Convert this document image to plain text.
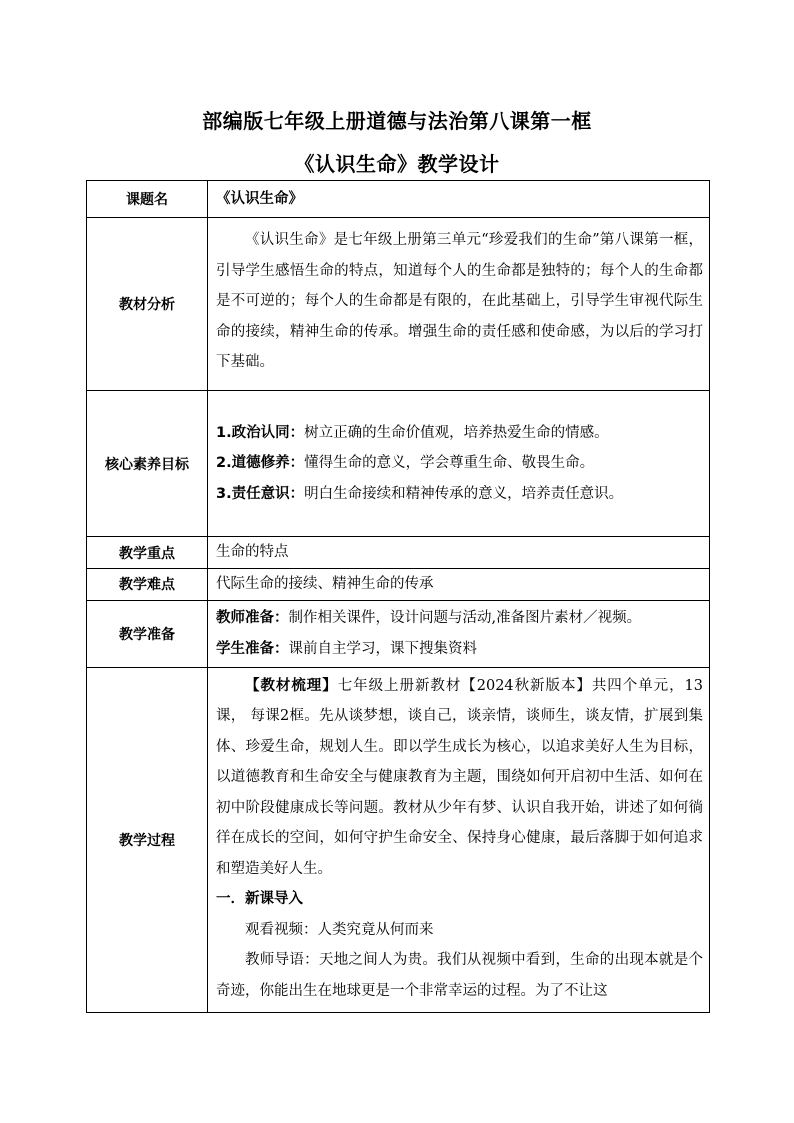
部编版七年级上册道德与法治第八课第一框
《认识生命》教学设计
课题名	《认识生命》
教材分析	《认识生命》是七年级上册第三单元“珍爱我们的生命”第八课第一框，引导学生感悟生命的特点，知道每个人的生命都是独特的；每个人的生命都是不可逆的；每个人的生命都是有限的，在此基础上，引导学生审视代际生命的接续，精神生命的传承。增强生命的责任感和使命感，为以后的学习打下基础。

核心素养目标	1.政治认同：树立正确的生命价值观，培养热爱生命的情感。
2.道德修养：懂得生命的意义，学会尊重生命、敬畏生命。
3.责任意识：明白生命接续和精神传承的意义，培养责任意识。

教学重点	生命的特点
教学难点	代际生命的接续、精神生命的传承
教学准备	教师准备：制作相关课件，设计问题与活动,准备图片素材／视频。
学生准备：课前自主学习，课下搜集资料

教学过程	【教材梳理】七年级上册新教材【2024秋新版本】共四个单元，13课， 每课2框。先从谈梦想，谈自己，谈亲情，谈师生，谈友情，扩展到集体、珍爱生命，规划人生。即以学生成长为核心，以追求美好人生为目标，以道德教育和生命安全与健康教育为主题，围绕如何开启初中生活、如何在初中阶段健康成长等问题。教材从少年有梦、认识自我开始，讲述了如何徜徉在成长的空间，如何守护生命安全、保持身心健康，最后落脚于如何追求和塑造美好人生。
一．新课导入
观看视频：人类究竟从何而来
教师导语：天地之间人为贵。我们从视频中看到，生命的出现本就是个奇迹，你能出生在地球更是一个非常幸运的过程。为了不让这
